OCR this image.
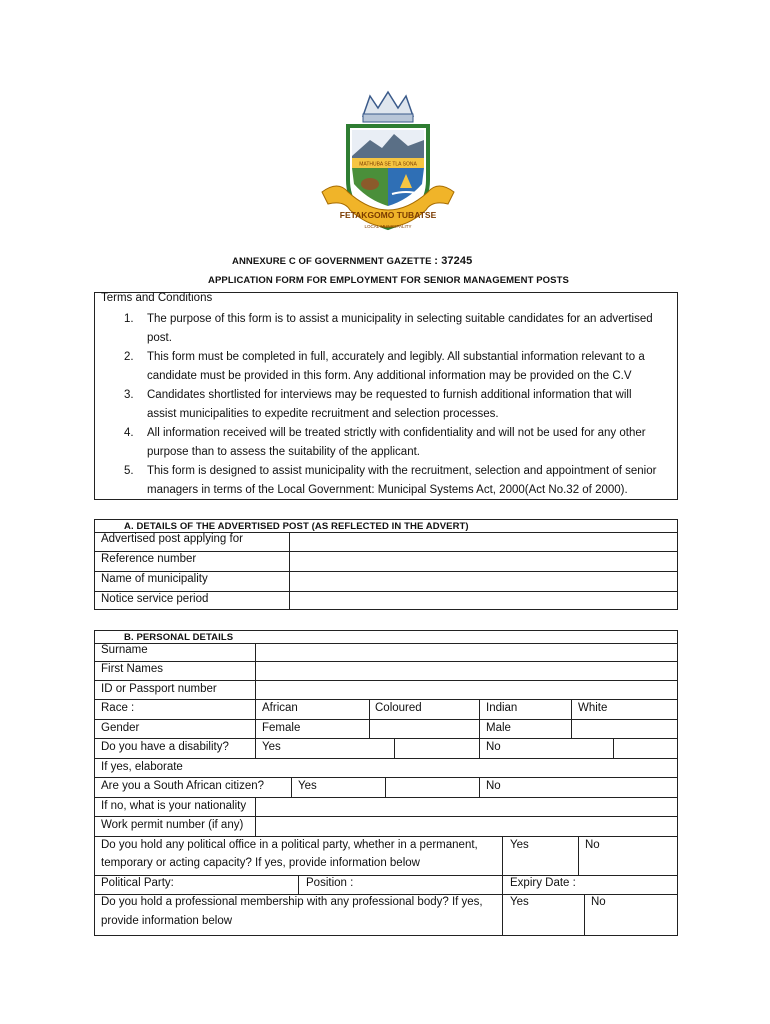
MATHUBA SE TLA SONA
FETAKGOMO TUBATSE
LOCAL MUNICIPALITY
ANNEXURE C OF GOVERNMENT GAZETTE : 37245
APPLICATION FORM FOR EMPLOYMENT FOR SENIOR MANAGEMENT POSTS
Terms and Conditions
1.	The purpose of this form is to assist a municipality in selecting suitable candidates for an advertised
post.
2.	This form must be completed in full, accurately and legibly. All substantial information relevant to a
candidate must be provided in this form. Any additional information may be provided on the C.V
3.	Candidates shortlisted for interviews may be requested to furnish additional information that will
assist municipalities to expedite recruitment and selection processes.
4.	All information received will be treated strictly with confidentiality and will not be used for any other
purpose than to assess the suitability of the applicant.
5.	This form is designed to assist municipality with the recruitment, selection and appointment of senior
managers in terms of the Local Government: Municipal Systems Act, 2000(Act No.32 of 2000).
A. DETAILS OF THE ADVERTISED POST (AS REFLECTED IN THE ADVERT)
Advertised post applying for
Reference number
Name of municipality
Notice service period
B. PERSONAL DETAILS
Surname
First Names
ID or Passport number
Race :	African	Coloured	Indian	White
Gender	Female	Male
Do you have a disability?	Yes	No
If yes, elaborate
Are you a South African citizen?	Yes	No
If no, what is your nationality
Work permit number (if any)
Do you hold any political office in a political party, whether in a permanent,
temporary or acting capacity? If yes, provide information below
Yes	No
Political Party:	Position :	Expiry Date :
Do you hold a professional membership with any professional body? If yes,
provide information below
Yes	No
